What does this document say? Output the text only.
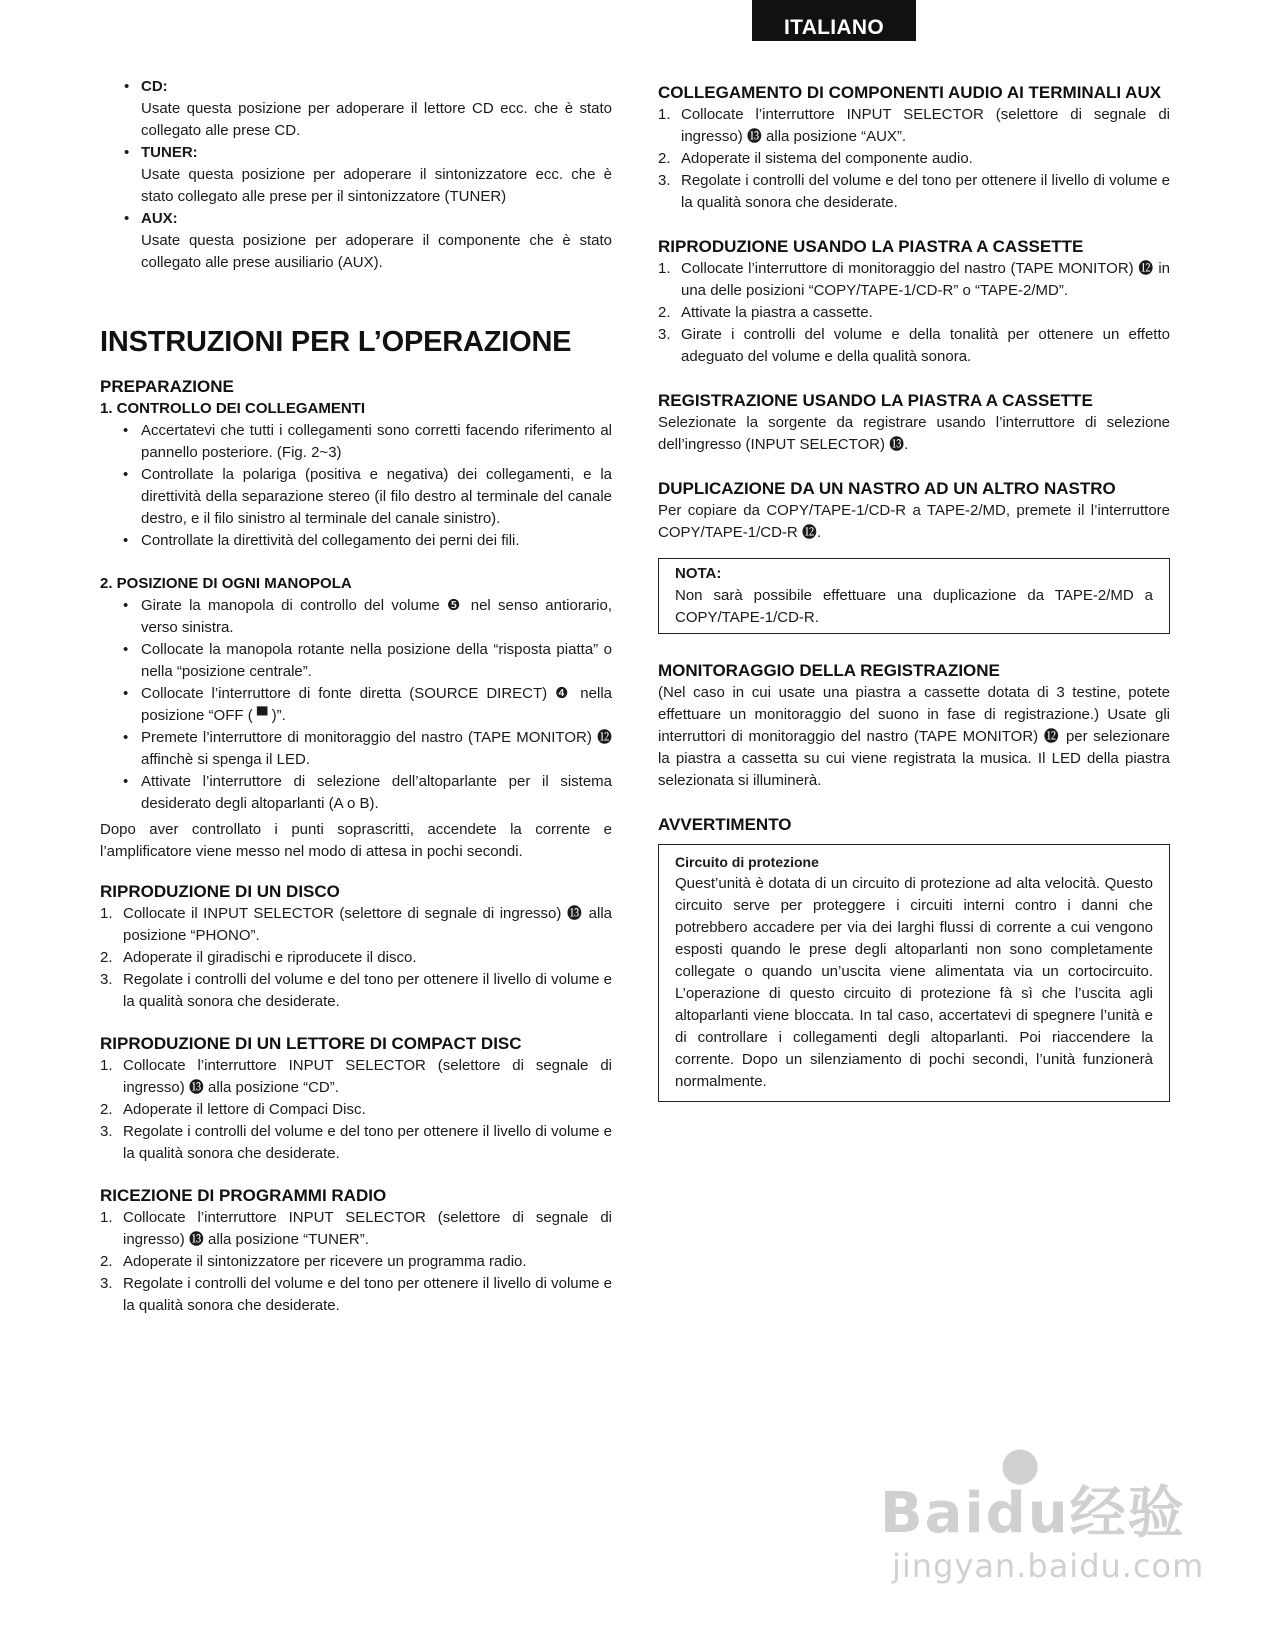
ITALIANO
• CD:
Usate questa posizione per adoperare il lettore CD ecc. che è stato collegato alle prese CD.
• TUNER:
Usate questa posizione per adoperare il sintonizzatore ecc. che è stato collegato alle prese per il sintonizzatore (TUNER)
• AUX:
Usate questa posizione per adoperare il componente che è stato collegato alle prese ausiliario (AUX).
INSTRUZIONI PER L’OPERAZIONE
PREPARAZIONE
1. CONTROLLO DEI COLLEGAMENTI
• Accertatevi che tutti i collegamenti sono corretti facendo riferimento al pannello posteriore. (Fig. 2~3)
• Controllate la polariga (positiva e negativa) dei collegamenti, e la direttività della separazione stereo (il filo destro al terminale del canale destro, e il filo sinistro al terminale del canale sinistro).
• Controllate la direttività del collegamento dei perni dei fili.
2. POSIZIONE DI OGNI MANOPOLA
• Girate la manopola di controllo del volume ❺ nel senso antiorario, verso sinistra.
• Collocate la manopola rotante nella posizione della “risposta piatta” o nella “posizione centrale”.
• Collocate l’interruttore di fonte diretta (SOURCE DIRECT) ❹ nella posizione “OFF ( ▀ )”.
• Premete l’interruttore di monitoraggio del nastro (TAPE MONITOR) ⓬ affinchè si spenga il LED.
• Attivate l’interruttore di selezione dell’altoparlante per il sistema desiderato degli altoparlanti (A o B).

Dopo aver controllato i punti soprascritti, accendete la corrente e l’amplificatore viene messo nel modo di attesa in pochi secondi.

RIPRODUZIONE DI UN DISCO
1. Collocate il INPUT SELECTOR (selettore di segnale di ingresso) ⓭ alla posizione “PHONO”.
2. Adoperate il giradischi e riproducete il disco.
3. Regolate i controlli del volume e del tono per ottenere il livello di volume e la qualità sonora che desiderate.
RIPRODUZIONE DI UN LETTORE DI COMPACT DISC
1. Collocate l’interruttore INPUT SELECTOR (selettore di segnale di ingresso) ⓭ alla posizione “CD”.
2. Adoperate il lettore di Compaci Disc.
3. Regolate i controlli del volume e del tono per ottenere il livello di volume e la qualità sonora che desiderate.
RICEZIONE DI PROGRAMMI RADIO
1. Collocate l’interruttore INPUT SELECTOR (selettore di segnale di ingresso) ⓭ alla posizione “TUNER”.
2. Adoperate il sintonizzatore per ricevere un programma radio.
3. Regolate i controlli del volume e del tono per ottenere il livello di volume e la qualità sonora che desiderate.
COLLEGAMENTO DI COMPONENTI AUDIO AI TERMINALI AUX
1. Collocate l’interruttore INPUT SELECTOR (selettore di segnale di ingresso) ⓭ alla posizione “AUX”.
2. Adoperate il sistema del componente audio.
3. Regolate i controlli del volume e del tono per ottenere il livello di volume e la qualità sonora che desiderate.
RIPRODUZIONE USANDO LA PIASTRA A CASSETTE
1. Collocate l’interruttore di monitoraggio del nastro (TAPE MONITOR) ⓬ in una delle posizioni “COPY/TAPE-1/CD-R” o “TAPE-2/MD”.
2. Attivate la piastra a cassette.
3. Girate i controlli del volume e della tonalità per ottenere un effetto adeguato del volume e della qualità sonora.
REGISTRAZIONE USANDO LA PIASTRA A CASSETTE

Selezionate la sorgente da registrare usando l’interruttore di selezione dell’ingresso (INPUT SELECTOR) ⓭.

DUPLICAZIONE DA UN NASTRO AD UN ALTRO NASTRO

Per copiare da COPY/TAPE-1/CD-R a TAPE-2/MD, premete il l’interruttore COPY/TAPE-1/CD-R ⓬.

NOTA:
Non sarà possibile effettuare una duplicazione da TAPE-2/MD a COPY/TAPE-1/CD-R.
MONITORAGGIO DELLA REGISTRAZIONE

(Nel caso in cui usate una piastra a cassette dotata di 3 testine, potete effettuare un monitoraggio del suono in fase di registrazione.) Usate gli interruttori di monitoraggio del nastro (TAPE MONITOR) ⓬ per selezionare la piastra a cassetta su cui viene registrata la musica. Il LED della piastra selezionata si illuminerà.

AVVERTIMENTO
Circuito di protezione
Quest’unità è dotata di un circuito di protezione ad alta velocità. Questo circuito serve per proteggere i circuiti interni contro i danni che potrebbero accadere per via dei larghi flussi di corrente a cui vengono esposti quando le prese degli altoparlanti non sono completamente collegate o quando un’uscita viene alimentata via un cortocircuito. L’operazione di questo circuito di protezione fà sì che l’uscita agli altoparlanti viene bloccata. In tal caso, accertatevi di spegnere l’unità e di controllare i collegamenti degli altoparlanti. Poi riaccendere la corrente. Dopo un silenziamento di pochi secondi, l’unità funzionerà normalmente.
●
Baidu经验
jingyan.baidu.com
